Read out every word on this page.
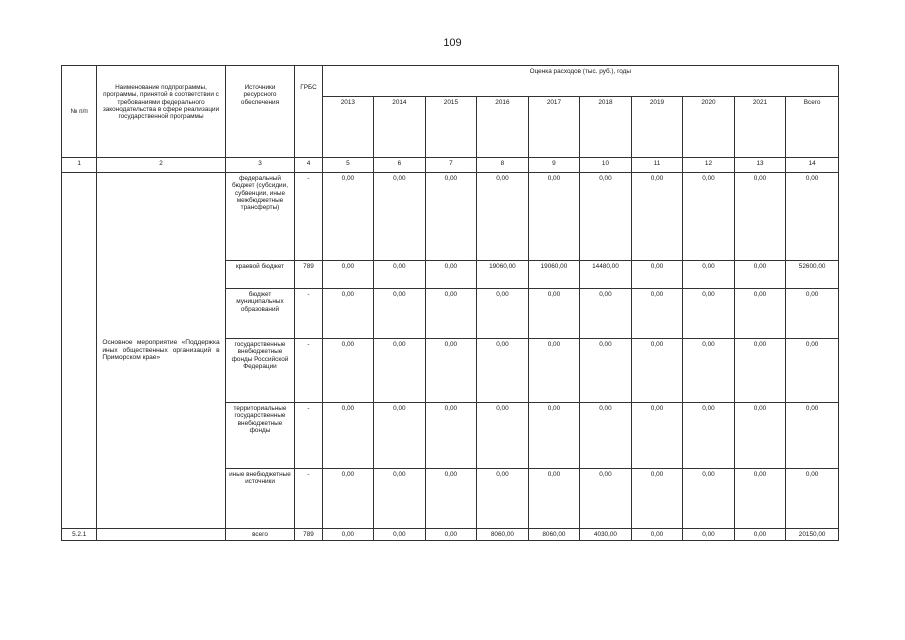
109
№ п/п	Наименование подпрограммы, программы, принятой в соответствии с требованиями федерального законодательства в сфере реализации государственной программы	Источники ресурсного обеспечения	ГРБС	Оценка расходов (тыс. руб.), годы									
				2013	2014	2015	2016	2017	2018	2019	2020	2021	Всего
1	2	3	4	5	6	7	8	9	10	11	12	13	14
	Основное мероприятие «Поддержка иных общественных организаций в Приморском крае»	федеральный бюджет (субсидии, субвенции, иные межбюджетные трансферты)	-	0,00	0,00	0,00	0,00	0,00	0,00	0,00	0,00	0,00	0,00
		краевой бюджет	789	0,00	0,00	0,00	19060,00	19060,00	14480,00	0,00	0,00	0,00	52600,00
		бюджет муниципальных образований	-	0,00	0,00	0,00	0,00	0,00	0,00	0,00	0,00	0,00	0,00
		государственные внебюджетные фонды Российской Федерации	-	0,00	0,00	0,00	0,00	0,00	0,00	0,00	0,00	0,00	0,00
		территориальные государственные внебюджетные фонды	-	0,00	0,00	0,00	0,00	0,00	0,00	0,00	0,00	0,00	0,00
		иные внебюджетные источники	-	0,00	0,00	0,00	0,00	0,00	0,00	0,00	0,00	0,00	0,00
5.2.1		всего	789	0,00	0,00	0,00	8060,00	8060,00	4030,00	0,00	0,00	0,00	20150,00
